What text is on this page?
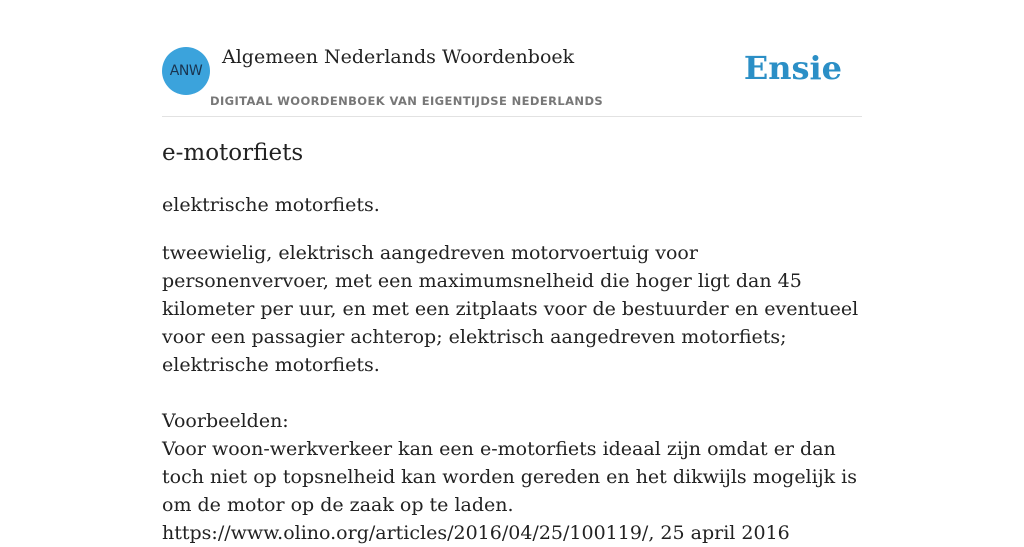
ANW
Algemeen Nederlands Woordenboek
DIGITAAL WOORDENBOEK VAN EIGENTIJDSE NEDERLANDS
Ensie
e-motorfiets

elektrische motorfiets.

tweewielig, elektrisch aangedreven motorvoertuig voor personenvervoer, met een maximumsnelheid die hoger ligt dan 45 kilometer per uur, en met een zitplaats voor de bestuurder en eventueel voor een passagier achterop; elektrisch aangedreven motorfiets; elektrische motorfiets.

Voorbeelden:

Voor woon-werkverkeer kan een e-motorfiets ideaal zijn omdat er dan toch niet op topsnelheid kan worden gereden en het dikwijls mogelijk is om de motor op de zaak op te laden.

https://www.olino.org/articles/2016/04/25/100119/, 25 april 2016
